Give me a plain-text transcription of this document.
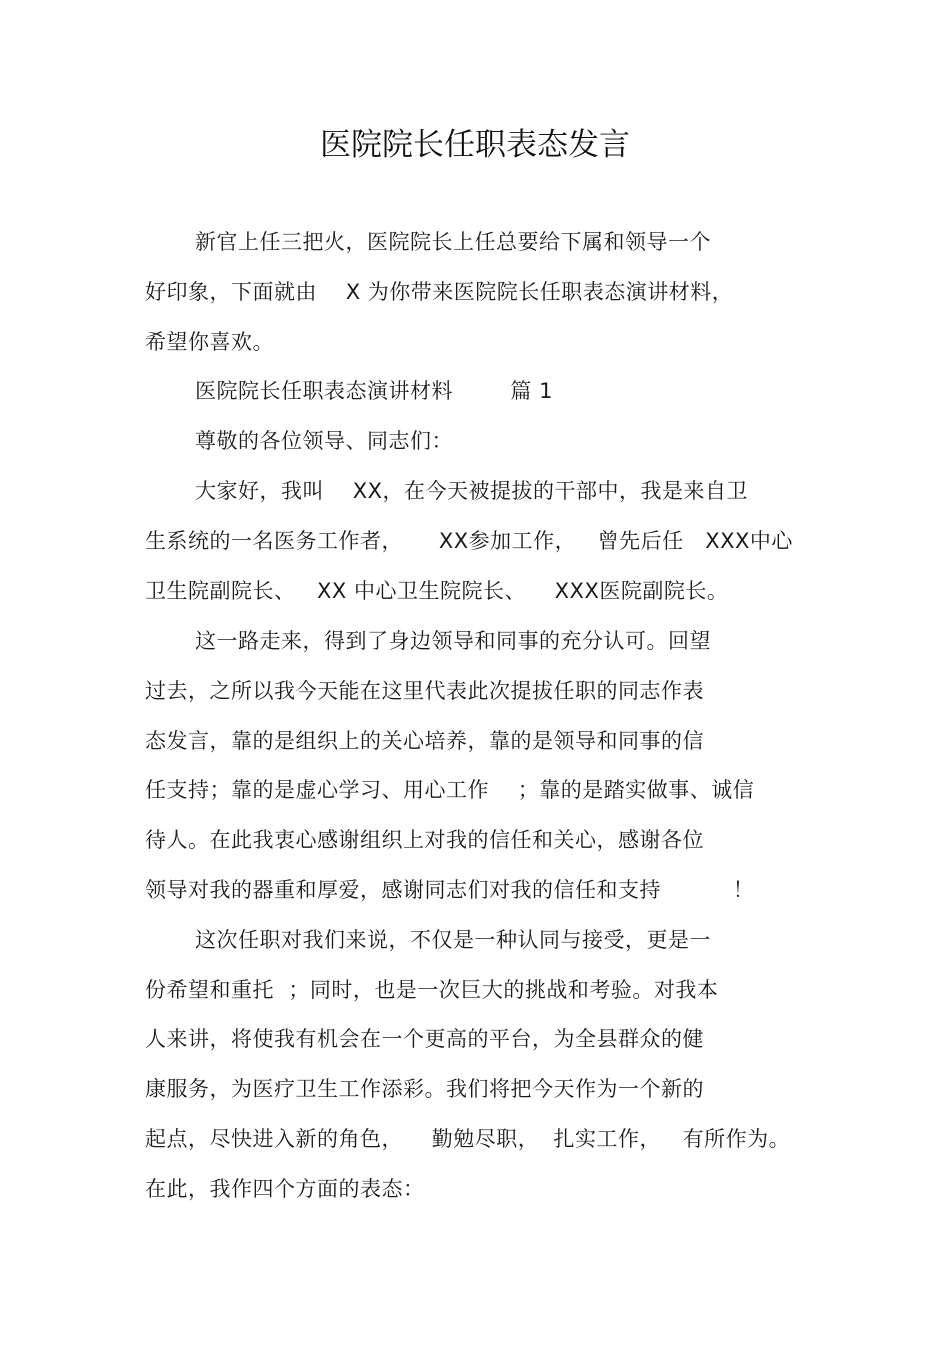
医院院长任职表态发言
新官上任三把火，医院院长上任总要给下属和领导一个
好印象，下面就由    X 为你带来医院院长任职表态演讲材料，
希望你喜欢。
医院院长任职表态演讲材料        篇 1
尊敬的各位领导、同志们：
大家好，我叫    XX，在今天被提拔的干部中，我是来自卫
生系统的一名医务工作者，     XX参加工作，   曾先后任   XXX中心
卫生院副院长、   XX 中心卫生院院长、    XXX医院副院长。
这一路走来，得到了身边领导和同事的充分认可。回望
过去，之所以我今天能在这里代表此次提拔任职的同志作表
态发言，靠的是组织上的关心培养，靠的是领导和同事的信
任支持；靠的是虚心学习、用心工作    ；靠的是踏实做事、诚信
待人。在此我衷心感谢组织上对我的信任和关心，感谢各位
领导对我的器重和厚爱，感谢同志们对我的信任和支持          ！
这次任职对我们来说，不仅是一种认同与接受，更是一
份希望和重托  ；同时，也是一次巨大的挑战和考验。对我本
人来讲，将使我有机会在一个更高的平台，为全县群众的健
康服务，为医疗卫生工作添彩。我们将把今天作为一个新的
起点，尽快进入新的角色，    勤勉尽职，  扎实工作，   有所作为。
在此，我作四个方面的表态：
